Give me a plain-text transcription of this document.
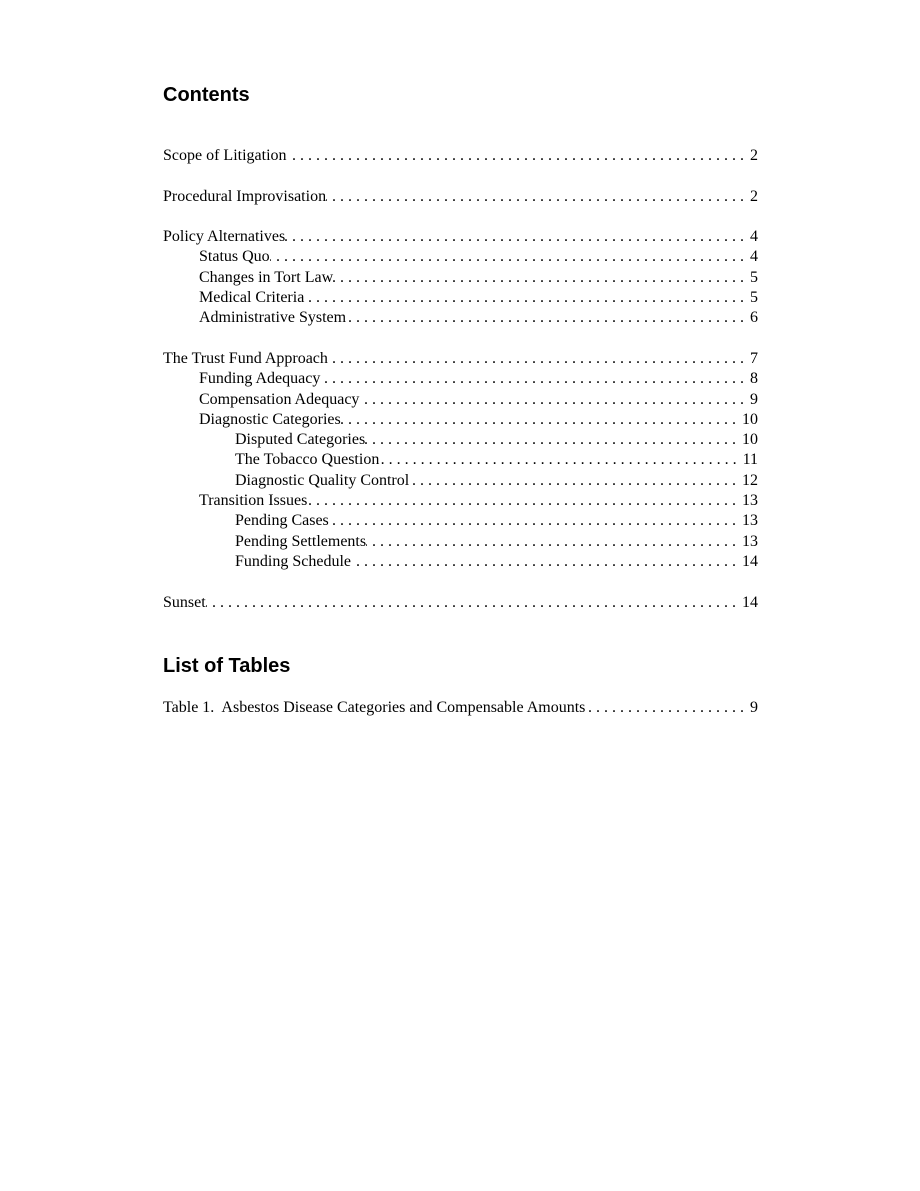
Contents
Scope of Litigation . . .	2
Procedural Improvisation . . .	2
Policy Alternatives . . .	4
Status Quo . . .	4
Changes in Tort Law . . .	5
Medical Criteria . . .	5
Administrative System . . .	6
The Trust Fund Approach . . .	7
Funding Adequacy . . .	8
Compensation Adequacy . . .	9
Diagnostic Categories . . .	10
Disputed Categories . . .	10
The Tobacco Question . . .	11
Diagnostic Quality Control . . .	12
Transition Issues . . .	13
Pending Cases . . .	13
Pending Settlements . . .	13
Funding Schedule . . .	14
Sunset . . .	14
List of Tables
Table 1.  Asbestos Disease Categories and Compensable Amounts . . .	9
